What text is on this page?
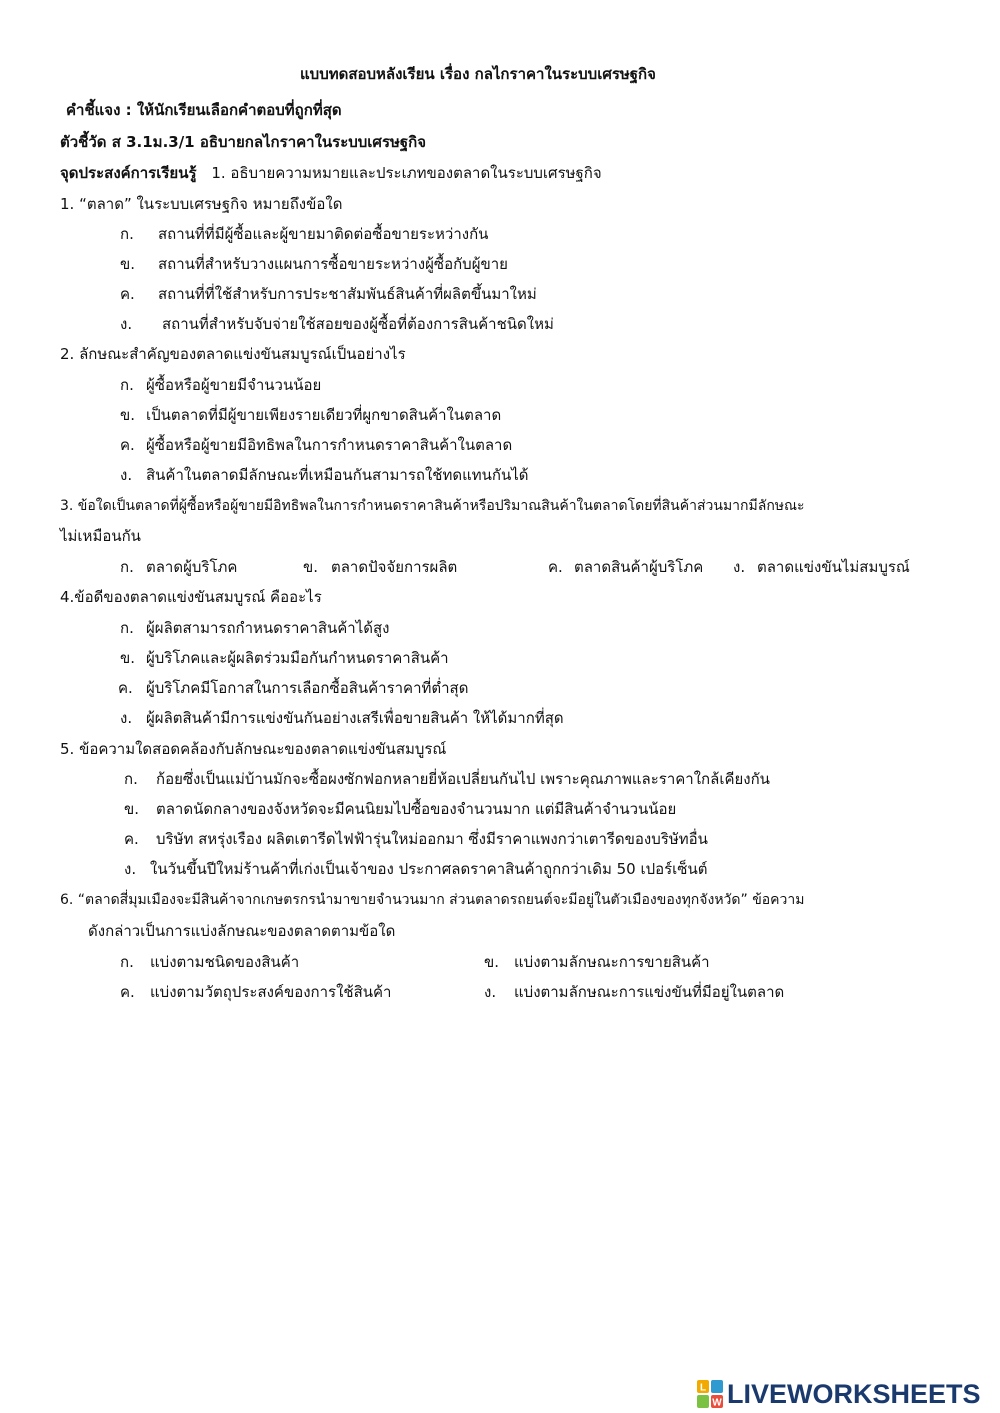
แบบทดสอบหลังเรียน เรื่อง กลไกราคาในระบบเศรษฐกิจ
คำชี้แจง : ให้นักเรียนเลือกคำตอบที่ถูกที่สุด
ตัวชี้วัด ส 3.1ม.3/1 อธิบายกลไกราคาในระบบเศรษฐกิจ
จุดประสงค์การเรียนรู้ 1. อธิบายความหมายและประเภทของตลาดในระบบเศรษฐกิจ
1. “ตลาด” ในระบบเศรษฐกิจ หมายถึงข้อใด
ก. สถานที่ที่มีผู้ซื้อและผู้ขายมาติดต่อซื้อขายระหว่างกัน
ข. สถานที่สำหรับวางแผนการซื้อขายระหว่างผู้ซื้อกับผู้ขาย
ค. สถานที่ที่ใช้สำหรับการประชาสัมพันธ์สินค้าที่ผลิตขึ้นมาใหม่
ง. สถานที่สำหรับจับจ่ายใช้สอยของผู้ซื้อที่ต้องการสินค้าชนิดใหม่
2. ลักษณะสำคัญของตลาดแข่งขันสมบูรณ์เป็นอย่างไร
ก. ผู้ซื้อหรือผู้ขายมีจำนวนน้อย
ข. เป็นตลาดที่มีผู้ขายเพียงรายเดียวที่ผูกขาดสินค้าในตลาด
ค. ผู้ซื้อหรือผู้ขายมีอิทธิพลในการกำหนดราคาสินค้าในตลาด
ง. สินค้าในตลาดมีลักษณะที่เหมือนกันสามารถใช้ทดแทนกันได้
3. ข้อใดเป็นตลาดที่ผู้ซื้อหรือผู้ขายมีอิทธิพลในการกำหนดราคาสินค้าหรือปริมาณสินค้าในตลาดโดยที่สินค้าส่วนมากมีลักษณะ
ไม่เหมือนกัน
ก. ตลาดผู้บริโภค	ข. ตลาดปัจจัยการผลิต	ค. ตลาดสินค้าผู้บริโภค ง. ตลาดแข่งขันไม่สมบูรณ์
4.ข้อดีของตลาดแข่งขันสมบูรณ์ คืออะไร
ก. ผู้ผลิตสามารถกำหนดราคาสินค้าได้สูง
ข. ผู้บริโภคและผู้ผลิตร่วมมือกันกำหนดราคาสินค้า
ค. ผู้บริโภคมีโอกาสในการเลือกซื้อสินค้าราคาที่ต่ำสุด
ง. ผู้ผลิตสินค้ามีการแข่งขันกันอย่างเสรีเพื่อขายสินค้า ให้ได้มากที่สุด
5. ข้อความใดสอดคล้องกับลักษณะของตลาดแข่งขันสมบูรณ์
ก. ก้อยซึ่งเป็นแม่บ้านมักจะซื้อผงซักฟอกหลายยี่ห้อเปลี่ยนกันไป เพราะคุณภาพและราคาใกล้เคียงกัน
ข. ตลาดนัดกลางของจังหวัดจะมีคนนิยมไปซื้อของจำนวนมาก แต่มีสินค้าจำนวนน้อย
ค. บริษัท สหรุ่งเรือง ผลิตเตารีดไฟฟ้ารุ่นใหม่ออกมา ซึ่งมีราคาแพงกว่าเตารีดของบริษัทอื่น
ง. ในวันขึ้นปีใหม่ร้านค้าที่เก่งเป็นเจ้าของ ประกาศลดราคาสินค้าถูกกว่าเดิม 50 เปอร์เซ็นต์
6. “ตลาดสี่มุมเมืองจะมีสินค้าจากเกษตรกรนำมาขายจำนวนมาก ส่วนตลาดรถยนต์จะมีอยู่ในตัวเมืองของทุกจังหวัด” ข้อความ
ดังกล่าวเป็นการแบ่งลักษณะของตลาดตามข้อใด
ก. แบ่งตามชนิดของสินค้า	ข. แบ่งตามลักษณะการขายสินค้า
ค. แบ่งตามวัตถุประสงค์ของการใช้สินค้า	ง. แบ่งตามลักษณะการแข่งขันที่มีอยู่ในตลาด
L
W LIVEWORKSHEETS
